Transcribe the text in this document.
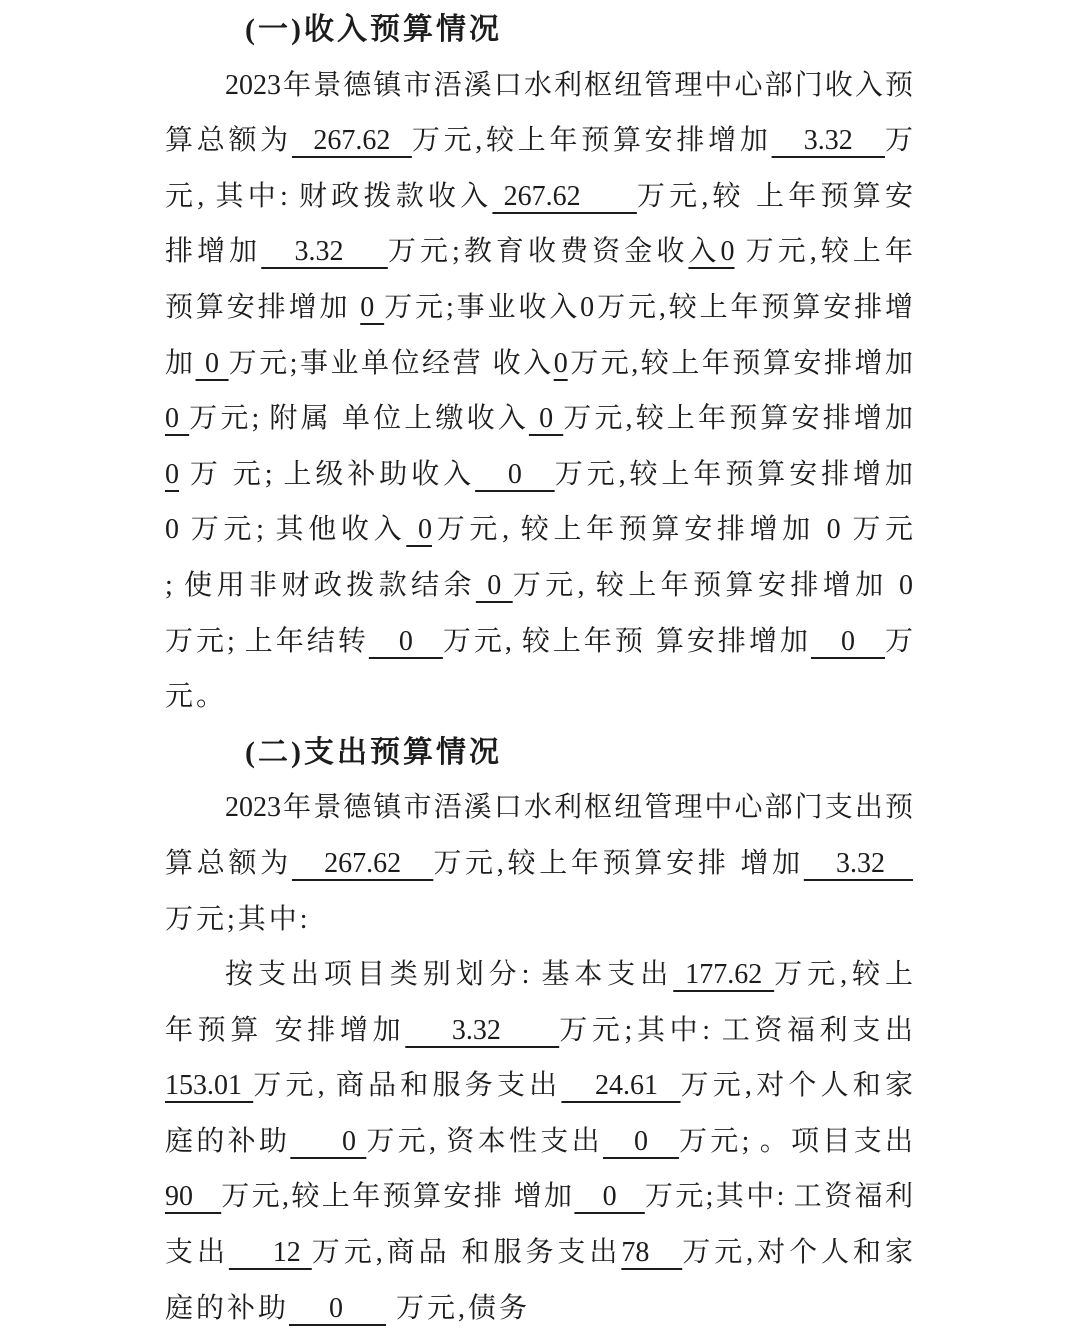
(一)收入预算情况
2023年景德镇市浯溪口水利枢纽管理中心部门收入预
算总额为  267.62  万元,较上年预算安排增加   3.32   万
元, 其中: 财政拨款收入 267.62     万元,较 上年预算安
排增加   3.32    万元;教育收费资金收入0 万元,较上年
预算安排增加 0 万元;事业收入0万元,较上年预算安排增
加 0 万元;事业单位经营 收入0万元,较上年预算安排增加
0 万元; 附属 单位上缴收入 0 万元,较上年预算安排增加
0 万 元; 上级补助收入   0   万元,较上年预算安排增加
0 万元; 其他收入 0万元, 较上年预算安排增加 0 万元
; 使用非财政拨款结余 0 万元, 较上年预算安排增加 0
万元; 上年结转   0   万元, 较上年预 算安排增加   0   万
元。
(二)支出预算情况
2023年景德镇市浯溪口水利枢纽管理中心部门支出预
算总额为   267.62   万元,较上年预算安排 增加   3.32
万元;其中:
按支出项目类别划分: 基本支出 177.62 万元,较上
年预算 安排增加    3.32     万元;其中: 工资福利支出
153.01 万元, 商品和服务支出   24.61  万元,对个人和家
庭的补助     0 万元, 资本性支出   0   万元; 。项目支出
90   万元,较上年预算安排 增加   0   万元;其中: 工资福利
支出    12 万元,商品 和服务支出78   万元,对个人和家
庭的补助    0     万元,债务
